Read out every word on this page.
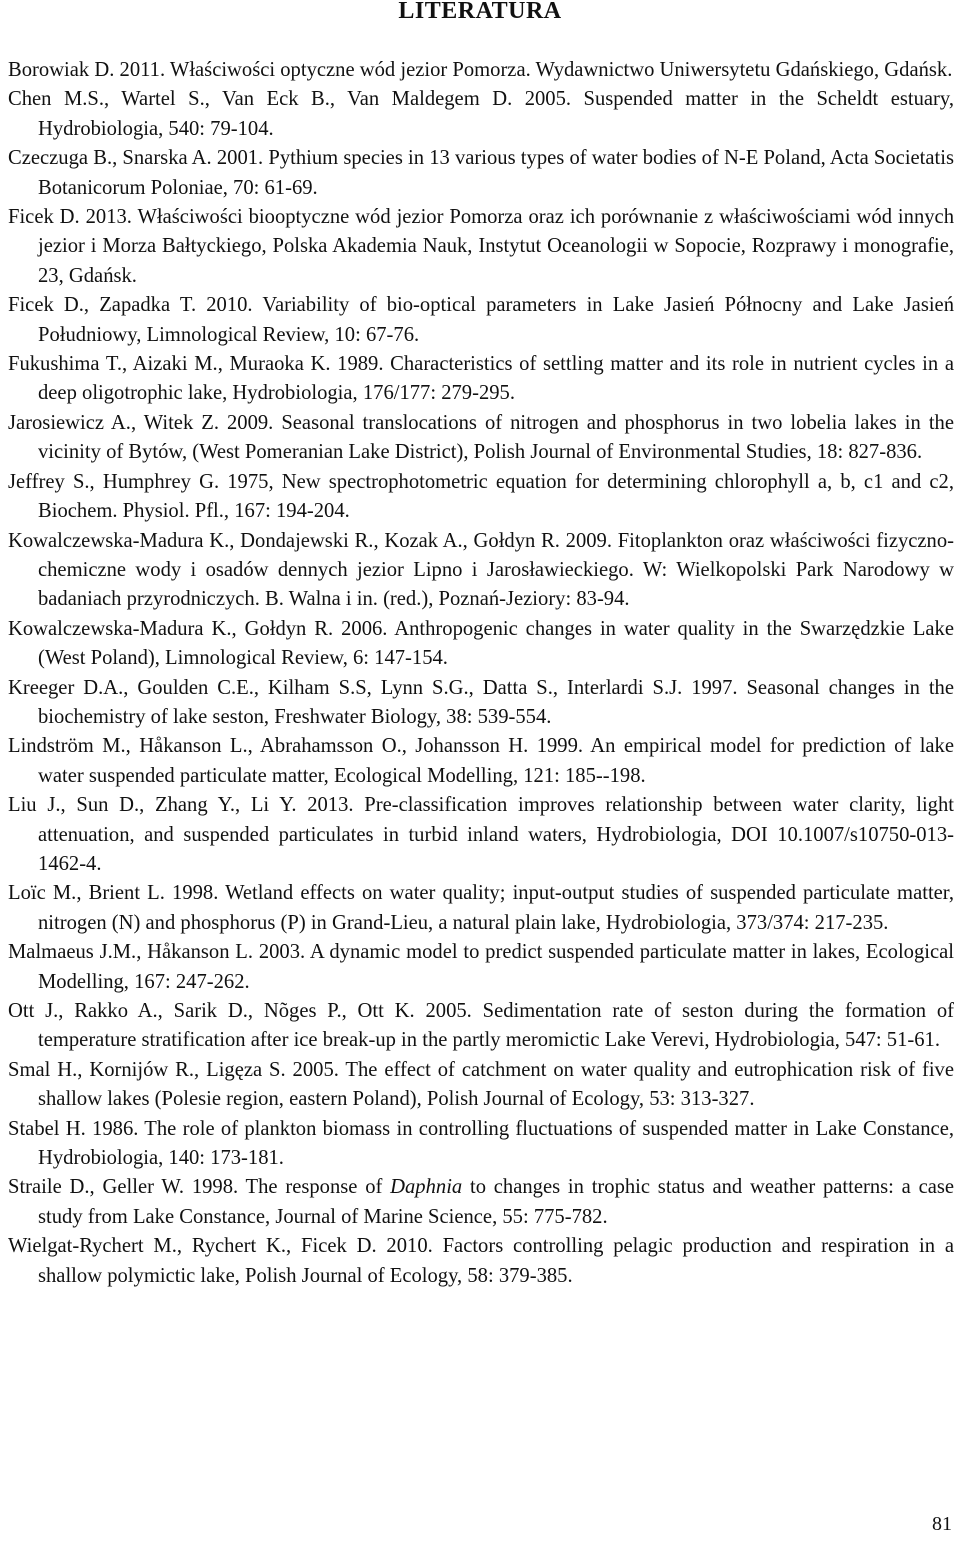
LITERATURA
Borowiak D. 2011. Właściwości optyczne wód jezior Pomorza. Wydawnictwo Uniwersytetu Gdańskiego, Gdańsk.
Chen M.S., Wartel S., Van Eck B., Van Maldegem D. 2005. Suspended matter in the Scheldt estuary, Hydrobiologia, 540: 79-104.
Czeczuga B., Snarska A. 2001. Pythium species in 13 various types of water bodies of N-E Poland, Acta Societatis Botanicorum Poloniae, 70: 61-69.
Ficek D. 2013. Właściwości biooptyczne wód jezior Pomorza oraz ich porównanie z właściwościami wód innych jezior i Morza Bałtyckiego, Polska Akademia Nauk, Instytut Oceanologii w Sopocie, Rozprawy i monografie, 23, Gdańsk.
Ficek D., Zapadka T. 2010. Variability of bio-optical parameters in Lake Jasień Północny and Lake Jasień Południowy, Limnological Review, 10: 67-76.
Fukushima T., Aizaki M., Muraoka K. 1989. Characteristics of settling matter and its role in nutrient cycles in a deep oligotrophic lake, Hydrobiologia, 176/177: 279-295.
Jarosiewicz A., Witek Z. 2009. Seasonal translocations of nitrogen and phosphorus in two lobelia lakes in the vicinity of Bytów, (West Pomeranian Lake District), Polish Journal of Environmental Studies, 18: 827-836.
Jeffrey S., Humphrey G. 1975, New spectrophotometric equation for determining chlorophyll a, b, c1 and c2, Biochem. Physiol. Pfl., 167: 194-204.
Kowalczewska-Madura K., Dondajewski R., Kozak A., Gołdyn R. 2009. Fitoplankton oraz właściwości fizyczno-chemiczne wody i osadów dennych jezior Lipno i Jarosławieckiego. W: Wielkopolski Park Narodowy w badaniach przyrodniczych. B. Walna i in. (red.), Poznań-Jeziory: 83-94.
Kowalczewska-Madura K., Gołdyn R. 2006. Anthropogenic changes in water quality in the Swarzędzkie Lake (West Poland), Limnological Review, 6: 147-154.
Kreeger D.A., Goulden C.E., Kilham S.S, Lynn S.G., Datta S., Interlardi S.J. 1997. Seasonal changes in the biochemistry of lake seston, Freshwater Biology, 38: 539-554.
Lindström M., Håkanson L., Abrahamsson O., Johansson H. 1999. An empirical model for prediction of lake water suspended particulate matter, Ecological Modelling, 121: 185--198.
Liu J., Sun D., Zhang Y., Li Y. 2013. Pre-classification improves relationship between water clarity, light attenuation, and suspended particulates in turbid inland waters, Hydrobiologia, DOI 10.1007/s10750-013-1462-4.
Loïc M., Brient L. 1998. Wetland effects on water quality; input-output studies of suspended particulate matter, nitrogen (N) and phosphorus (P) in Grand-Lieu, a natural plain lake, Hydrobiologia, 373/374: 217-235.
Malmaeus J.M., Håkanson L. 2003. A dynamic model to predict suspended particulate matter in lakes, Ecological Modelling, 167: 247-262.
Ott J., Rakko A., Sarik D., Nõges P., Ott K. 2005. Sedimentation rate of seston during the formation of temperature stratification after ice break-up in the partly meromictic Lake Verevi, Hydrobiologia, 547: 51-61.
Smal H., Kornijów R., Ligęza S. 2005. The effect of catchment on water quality and eutrophication risk of five shallow lakes (Polesie region, eastern Poland), Polish Journal of Ecology, 53: 313-327.
Stabel H. 1986. The role of plankton biomass in controlling fluctuations of suspended matter in Lake Constance, Hydrobiologia, 140: 173-181.
Straile D., Geller W. 1998. The response of Daphnia to changes in trophic status and weather patterns: a case study from Lake Constance, Journal of Marine Science, 55: 775-782.
Wielgat-Rychert M., Rychert K., Ficek D. 2010. Factors controlling pelagic production and respiration in a shallow polymictic lake, Polish Journal of Ecology, 58: 379-385.
81
